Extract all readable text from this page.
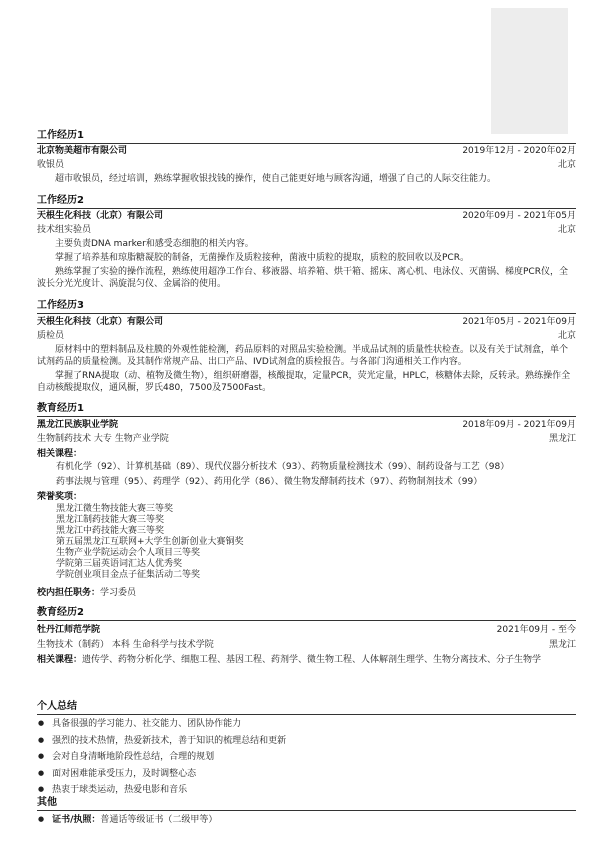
工作经历1
北京物美超市有限公司	2019年12月 - 2020年02月
收银员	北京
超市收银员，经过培训，熟练掌握收银找钱的操作，使自己能更好地与顾客沟通，增强了自己的人际交往能力。
工作经历2
天根生化科技（北京）有限公司	2020年09月 - 2021年05月
技术组实验员	北京
主要负责DNA marker和感受态细胞的相关内容。
掌握了培养基和琼脂糖凝胶的制备，无菌操作及质粒接种，菌液中质粒的提取，质粒的胶回收以及PCR。
熟练掌握了实验的操作流程，熟练使用超净工作台、移液器、培养箱、烘干箱、摇床、离心机、电泳仪、灭菌锅、梯度PCR仪，全波长分光光度计、涡旋混匀仪、金属浴的使用。
工作经历3
天根生化科技（北京）有限公司	2021年05月 - 2021年09月
质检员	北京
原材料中的塑料制品及柱膜的外观性能检测，药品原料的对照品实验检测。半成品试剂的质量性状检查。以及有关于试剂盒，单个试剂药品的质量检测。及其制作常规产品、出口产品、IVD试剂盒的质检报告。与各部门沟通相关工作内容。
掌握了RNA提取（动、植物及微生物），组织研磨器，核酸提取，定量PCR，荧光定量，HPLC，核糖体去除，反转录。熟练操作全自动核酸提取仪，通风橱，罗氏480，7500及7500Fast。
教育经历1
黑龙江民族职业学院	2018年09月 - 2021年09月
生物制药技术 大专 生物产业学院	黑龙江
相关课程：
有机化学（92）、计算机基础（89）、现代仪器分析技术（93）、药物质量检测技术（99）、制药设备与工艺（98）
药事法规与管理（95）、药理学（92）、药用化学（86）、微生物发酵制药技术（97）、药物制剂技术（99）
荣誉奖项：
黑龙江微生物技能大赛三等奖
黑龙江制药技能大赛三等奖
黑龙江中药技能大赛三等奖
第五届黑龙江互联网+大学生创新创业大赛铜奖
生物产业学院运动会个人项目三等奖
学院第三届英语词汇达人优秀奖
学院创业项目金点子征集活动二等奖
校内担任职务：学习委员
教育经历2
牡丹江师范学院	2021年09月 - 至今
生物技术（制药） 本科 生命科学与技术学院	黑龙江
相关课程：遗传学、药物分析化学、细胞工程、基因工程、药剂学、微生物工程、人体解剖生理学、生物分离技术、分子生物学
个人总结
● 具备很强的学习能力、社交能力、团队协作能力
● 强烈的技术热情，热爱新技术，善于知识的梳理总结和更新
● 会对自身清晰地阶段性总结，合理的规划
● 面对困难能承受压力，及时调整心态
● 热衷于球类运动，热爱电影和音乐
其他
● 证书/执照：普通话等级证书（二级甲等）
